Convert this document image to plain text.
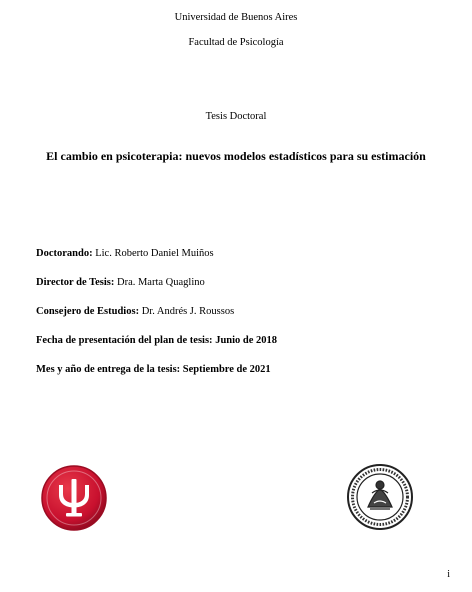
Universidad de Buenos Aires
Facultad de Psicología
Tesis Doctoral
El cambio en psicoterapia: nuevos modelos estadísticos para su estimación
Doctorando: Lic. Roberto Daniel Muiños
Director de Tesis: Dra. Marta Quaglino
Consejero de Estudios: Dr. Andrés J. Roussos
Fecha de presentación del plan de tesis: Junio de 2018
Mes y año de entrega de la tesis: Septiembre de 2021
i
